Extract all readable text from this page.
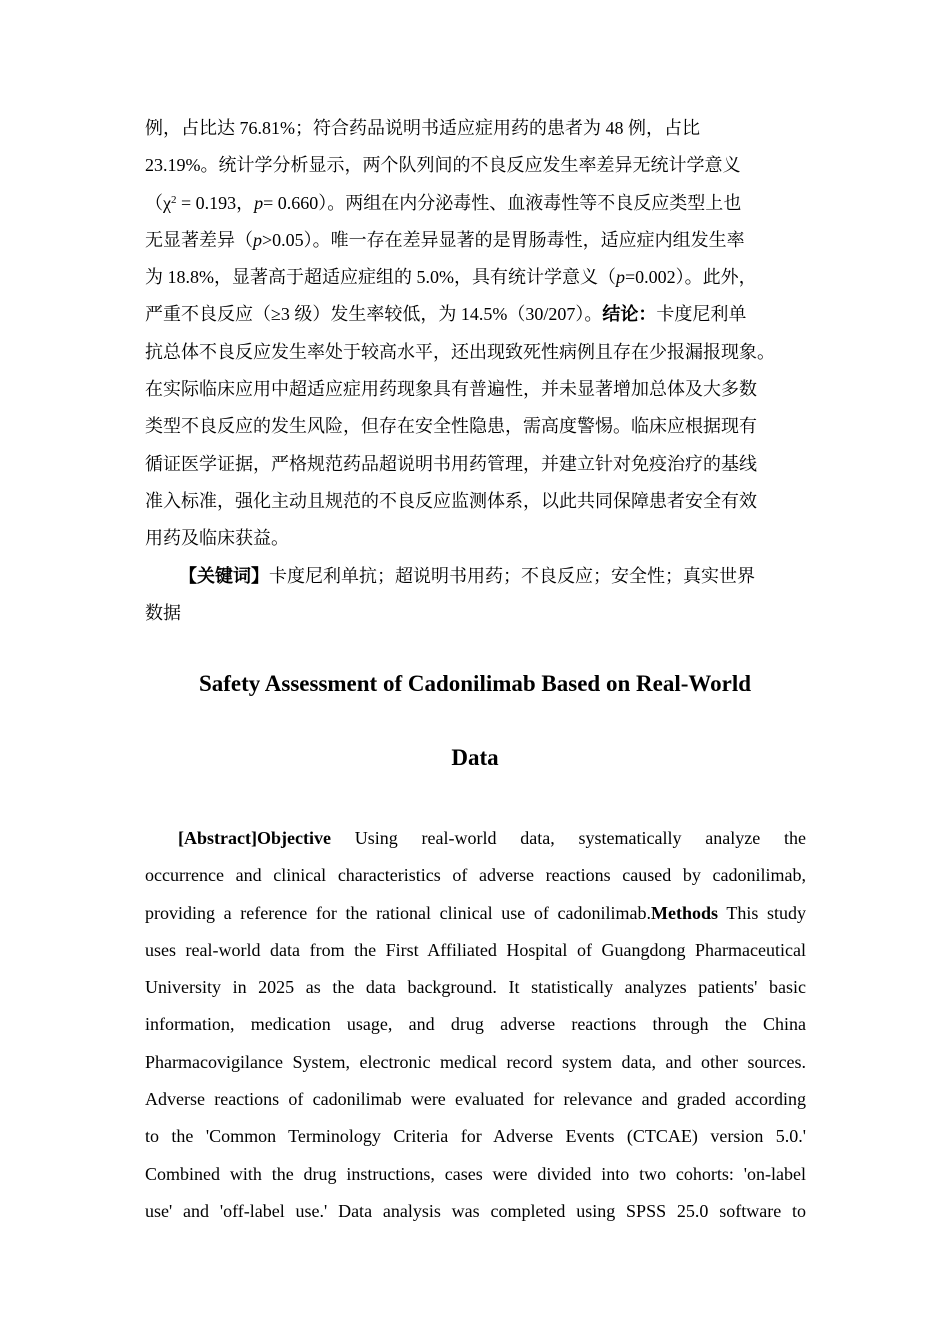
例，占比达 76.81%；符合药品说明书适应症用药的患者为 48 例，占比
23.19%。统计学分析显示，两个队列间的不良反应发生率差异无统计学意义
（$\chi^2 = 0.193$，p= 0.660）。两组在内分泌毒性、血液毒性等不良反应类型上也
无显著差异（p>0.05）。唯一存在差异显著的是胃肠毒性，适应症内组发生率
为 18.8%，显著高于超适应症组的 5.0%，具有统计学意义（p=0.002）。此外，
严重不良反应（≥3 级）发生率较低，为 14.5%（30/207）。结论：卡度尼利单
抗总体不良反应发生率处于较高水平，还出现致死性病例且存在少报漏报现象。
在实际临床应用中超适应症用药现象具有普遍性，并未显著增加总体及大多数
类型不良反应的发生风险，但存在安全性隐患，需高度警惕。临床应根据现有
循证医学证据，严格规范药品超说明书用药管理，并建立针对免疫治疗的基线
准入标准，强化主动且规范的不良反应监测体系，以此共同保障患者安全有效
用药及临床获益。
【关键词】卡度尼利单抗；超说明书用药；不良反应；安全性；真实世界
数据
Safety Assessment of Cadonilimab Based on Real-World
Data
[Abstract]Objective Using real-world data, systematically analyze the
occurrence and clinical characteristics of adverse reactions caused by cadonilimab,
providing a reference for the rational clinical use of cadonilimab.Methods This study
uses real-world data from the First Affiliated Hospital of Guangdong Pharmaceutical
University in 2025 as the data background. It statistically analyzes patients' basic
information, medication usage, and drug adverse reactions through the China
Pharmacovigilance System, electronic medical record system data, and other sources.
Adverse reactions of cadonilimab were evaluated for relevance and graded according
to the 'Common Terminology Criteria for Adverse Events (CTCAE) version 5.0.'
Combined with the drug instructions, cases were divided into two cohorts: 'on-label
use' and 'off-label use.' Data analysis was completed using SPSS 25.0 software to
